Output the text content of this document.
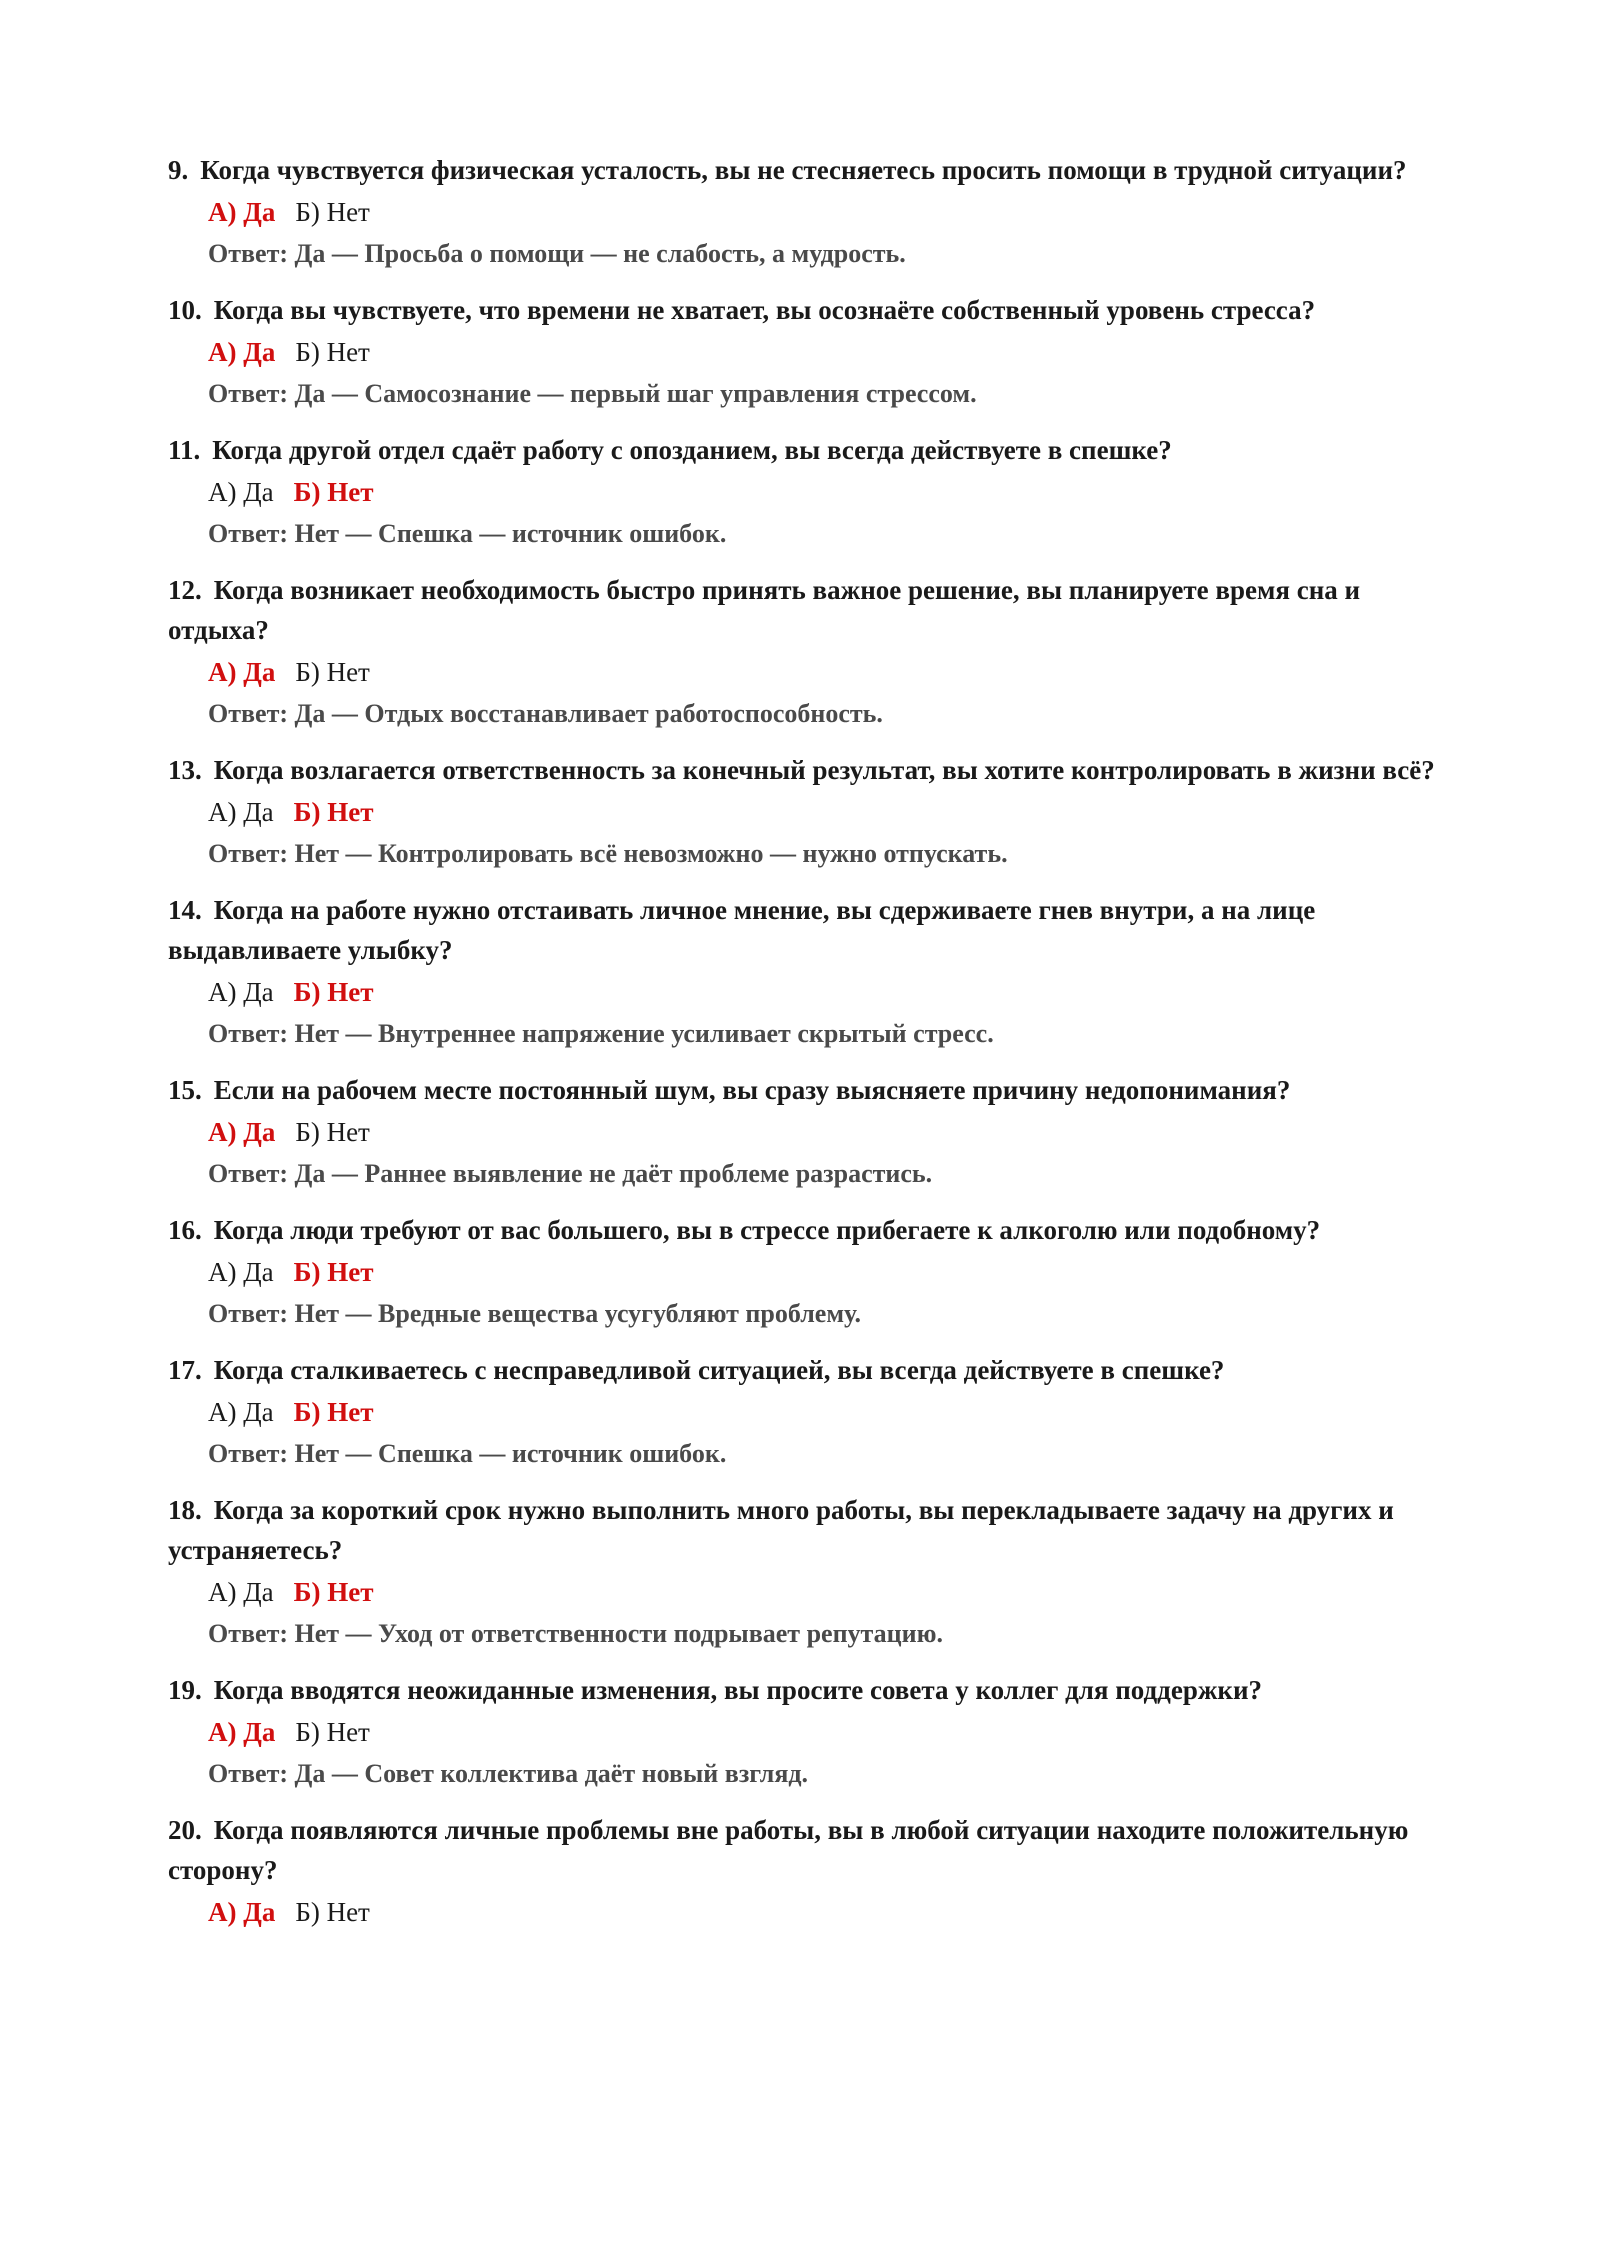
9. Когда чувствуется физическая усталость, вы не стесняетесь просить помощи в трудной ситуации?

А) Да Б) Нет
Ответ: Да — Просьба о помощи — не слабость, а мудрость.

10. Когда вы чувствуете, что времени не хватает, вы осознаёте собственный уровень стресса?

А) Да Б) Нет
Ответ: Да — Самосознание — первый шаг управления стрессом.

11. Когда другой отдел сдаёт работу с опозданием, вы всегда действуете в спешке?

А) Да Б) Нет
Ответ: Нет — Спешка — источник ошибок.

12. Когда возникает необходимость быстро принять важное решение, вы планируете время сна и отдыха?

А) Да Б) Нет
Ответ: Да — Отдых восстанавливает работоспособность.

13. Когда возлагается ответственность за конечный результат, вы хотите контролировать в жизни всё?

А) Да Б) Нет
Ответ: Нет — Контролировать всё невозможно — нужно отпускать.

14. Когда на работе нужно отстаивать личное мнение, вы сдерживаете гнев внутри, а на лице выдавливаете улыбку?

А) Да Б) Нет
Ответ: Нет — Внутреннее напряжение усиливает скрытый стресс.

15. Если на рабочем месте постоянный шум, вы сразу выясняете причину недопонимания?

А) Да Б) Нет
Ответ: Да — Раннее выявление не даёт проблеме разрастись.

16. Когда люди требуют от вас большего, вы в стрессе прибегаете к алкоголю или подобному?

А) Да Б) Нет
Ответ: Нет — Вредные вещества усугубляют проблему.

17. Когда сталкиваетесь с несправедливой ситуацией, вы всегда действуете в спешке?

А) Да Б) Нет
Ответ: Нет — Спешка — источник ошибок.

18. Когда за короткий срок нужно выполнить много работы, вы перекладываете задачу на других и устраняетесь?

А) Да Б) Нет
Ответ: Нет — Уход от ответственности подрывает репутацию.

19. Когда вводятся неожиданные изменения, вы просите совета у коллег для поддержки?

А) Да Б) Нет
Ответ: Да — Совет коллектива даёт новый взгляд.

20. Когда появляются личные проблемы вне работы, вы в любой ситуации находите положительную сторону?

А) Да Б) Нет
